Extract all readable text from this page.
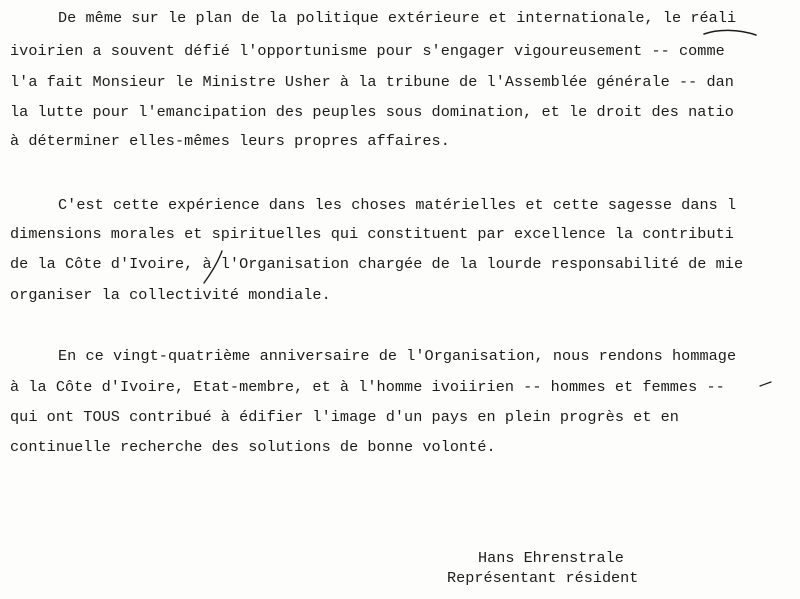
De même sur le plan de la politique extérieure et internationale, le réali
ivoirien a souvent défié l'opportunisme pour s'engager vigoureusement -- comme
l'a fait Monsieur le Ministre Usher à la tribune de l'Assemblée générale -- dan
la lutte pour l'emancipation des peuples sous domination, et le droit des natio
à déterminer elles-mêmes leurs propres affaires.
C'est cette expérience dans les choses matérielles et cette sagesse dans l
dimensions morales et spirituelles qui constituent par excellence la contributi
de la Côte d'Ivoire, à l'Organisation chargée de la lourde responsabilité de mie
organiser la collectivité mondiale.
En ce vingt-quatrième anniversaire de l'Organisation, nous rendons hommage
à la Côte d'Ivoire, Etat-membre, et à l'homme ivoiirien -- hommes et femmes --
qui ont TOUS contribué à édifier l'image d'un pays en plein progrès et en
continuelle recherche des solutions de bonne volonté.
Hans Ehrenstrale
Représentant résident
